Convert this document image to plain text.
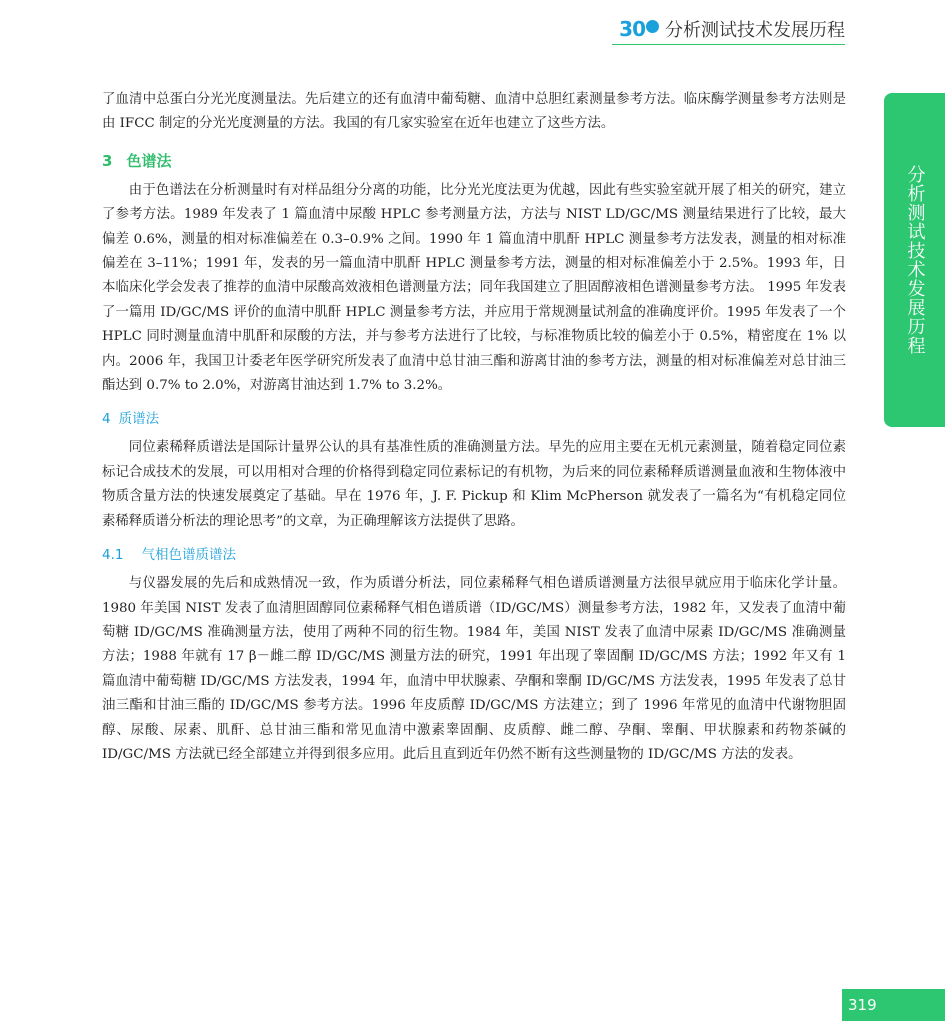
30 分析测试技术发展历程
分析测试技术发展历程

了血清中总蛋白分光光度测量法。先后建立的还有血清中葡萄糖、血清中总胆红素测量参考方法。临床酶学测量参考方法则是由 IFCC 制定的分光光度测量的方法。我国的有几家实验室在近年也建立了这些方法。

3 色谱法

由于色谱法在分析测量时有对样品组分分离的功能，比分光光度法更为优越，因此有些实验室就开展了相关的研究，建立了参考方法。1989 年发表了 1 篇血清中尿酸 HPLC 参考测量方法，方法与 NIST LD/GC/MS 测量结果进行了比较，最大偏差 0.6%，测量的相对标准偏差在 0.3–0.9% 之间。1990 年 1 篇血清中肌酐 HPLC 测量参考方法发表，测量的相对标准偏差在 3–11%；1991 年，发表的另一篇血清中肌酐 HPLC 测量参考方法，测量的相对标准偏差小于 2.5%。1993 年，日本临床化学会发表了推荐的血清中尿酸高效液相色谱测量方法；同年我国建立了胆固醇液相色谱测量参考方法。 1995 年发表了一篇用 ID/GC/MS 评价的血清中肌酐 HPLC 测量参考方法，并应用于常规测量试剂盒的准确度评价。1995 年发表了一个 HPLC 同时测量血清中肌酐和尿酸的方法，并与参考方法进行了比较，与标准物质比较的偏差小于 0.5%，精密度在 1% 以内。2006 年，我国卫计委老年医学研究所发表了血清中总甘油三酯和游离甘油的参考方法，测量的相对标准偏差对总甘油三酯达到 0.7% to 2.0%，对游离甘油达到 1.7% to 3.2%。

4 质谱法

同位素稀释质谱法是国际计量界公认的具有基准性质的准确测量方法。早先的应用主要在无机元素测量，随着稳定同位素标记合成技术的发展，可以用相对合理的价格得到稳定同位素标记的有机物，为后来的同位素稀释质谱测量血液和生物体液中物质含量方法的快速发展奠定了基础。早在 1976 年，J. F. Pickup 和 Klim McPherson 就发表了一篇名为“有机稳定同位素稀释质谱分析法的理论思考”的文章，为正确理解该方法提供了思路。

4.1 气相色谱质谱法

与仪器发展的先后和成熟情况一致，作为质谱分析法，同位素稀释气相色谱质谱测量方法很早就应用于临床化学计量。1980 年美国 NIST 发表了血清胆固醇同位素稀释气相色谱质谱（ID/GC/MS）测量参考方法，1982 年，又发表了血清中葡萄糖 ID/GC/MS 准确测量方法，使用了两种不同的衍生物。1984 年，美国 NIST 发表了血清中尿素 ID/GC/MS 准确测量方法；1988 年就有 17 β－雌二醇 ID/GC/MS 测量方法的研究，1991 年出现了睾固酮 ID/GC/MS 方法；1992 年又有 1 篇血清中葡萄糖 ID/GC/MS 方法发表，1994 年，血清中甲状腺素、孕酮和睾酮 ID/GC/MS 方法发表，1995 年发表了总甘油三酯和甘油三酯的 ID/GC/MS 参考方法。1996 年皮质醇 ID/GC/MS 方法建立；到了 1996 年常见的血清中代谢物胆固醇、尿酸、尿素、肌酐、总甘油三酯和常见血清中激素睾固酮、皮质醇、雌二醇、孕酮、睾酮、甲状腺素和药物茶碱的 ID/GC/MS 方法就已经全部建立并得到很多应用。此后且直到近年仍然不断有这些测量物的 ID/GC/MS 方法的发表。

319
